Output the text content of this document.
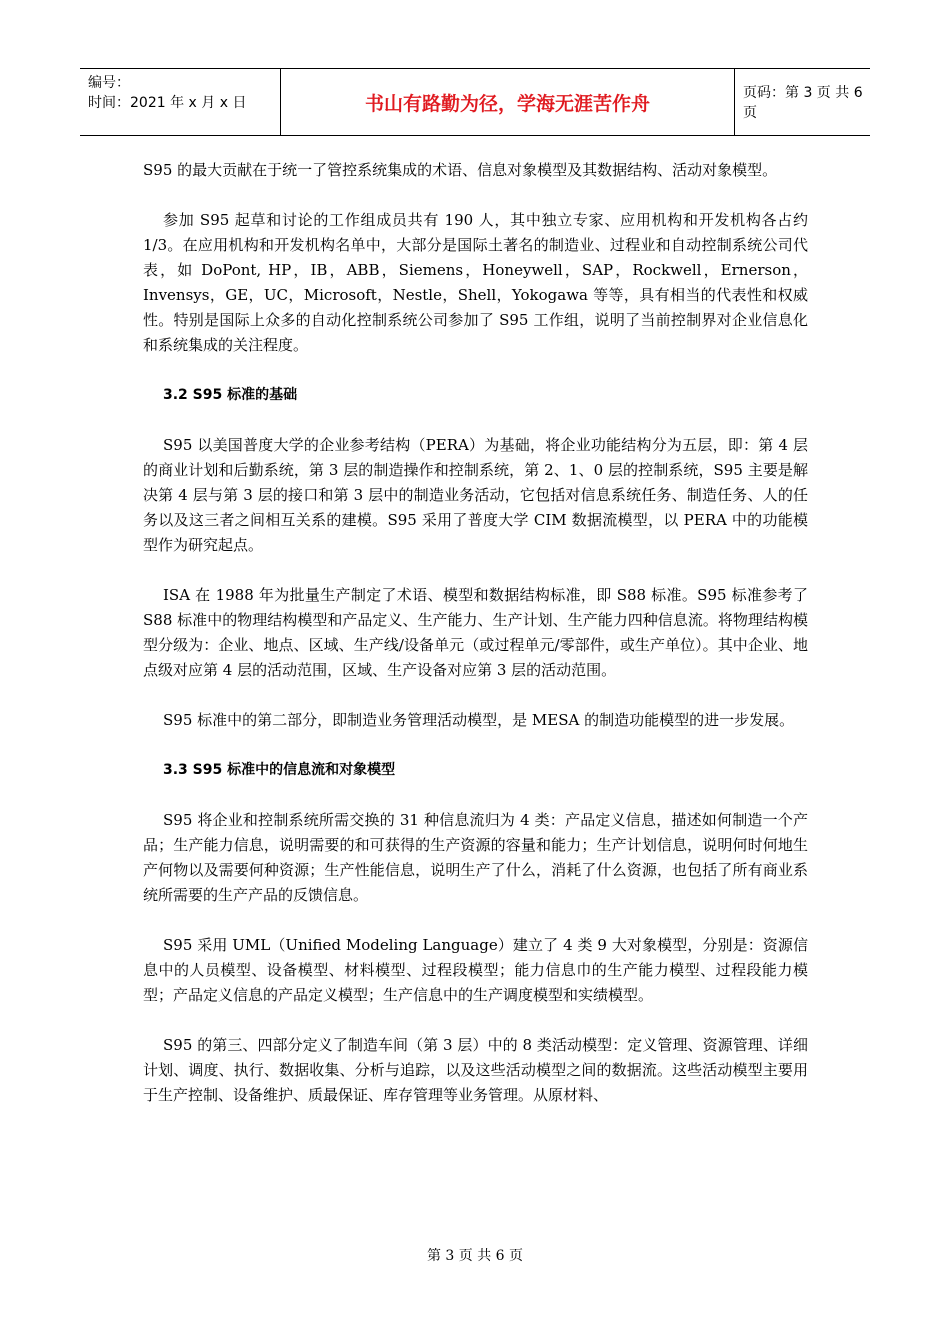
编号：
时间：2021 年 x 月 x 日	书山有路勤为径，学海无涯苦作舟	页码：第 3 页 共 6 页

S95 的最大贡献在于统一了管控系统集成的术语、信息对象模型及其数据结构、活动对象模型。

参加 S95 起草和讨论的工作组成员共有 190 人，其中独立专家、应用机构和开发机构各占约 1/3。在应用机构和开发机构名单中，大部分是国际土著名的制造业、过程业和自动控制系统公司代表，如 DoPont, HP，IB，ABB，Siemens，Honeywell，SAP，Rockwell，Ernerson，Invensys，GE，UC，Microsoft，Nestle，Shell，Yokogawa 等等，具有相当的代表性和权威性。特别是国际上众多的自动化控制系统公司参加了 S95 工作组，说明了当前控制界对企业信息化和系统集成的关注程度。

3.2 S95 标准的基础

S95 以美国普度大学的企业参考结构（PERA）为基础，将企业功能结构分为五层，即：第 4 层的商业计划和后勤系统，第 3 层的制造操作和控制系统，第 2、1、0 层的控制系统，S95 主要是解决第 4 层与第 3 层的接口和第 3 层中的制造业务活动，它包括对信息系统任务、制造任务、人的任务以及这三者之间相互关系的建模。S95 采用了普度大学 CIM 数据流模型，以 PERA 中的功能模型作为研究起点。

ISA 在 1988 年为批量生产制定了术语、模型和数据结构标准，即 S88 标准。S95 标准参考了 S88 标准中的物理结构模型和产品定义、生产能力、生产计划、生产能力四种信息流。将物理结构模型分级为：企业、地点、区域、生产线/设备单元（或过程单元/零部件，或生产单位）。其中企业、地点级对应第 4 层的活动范围，区域、生产设备对应第 3 层的活动范围。

S95 标准中的第二部分，即制造业务管理活动模型，是 MESA 的制造功能模型的进一步发展。

3.3 S95 标准中的信息流和对象模型

S95 将企业和控制系统所需交换的 31 种信息流归为 4 类：产品定义信息，描述如何制造一个产品；生产能力信息，说明需要的和可获得的生产资源的容量和能力；生产计划信息，说明何时何地生产何物以及需要何种资源；生产性能信息，说明生产了什么，消耗了什么资源，也包括了所有商业系统所需要的生产产品的反馈信息。

S95 采用 UML（Unified Modeling Language）建立了 4 类 9 大对象模型，分别是：资源信息中的人员模型、设备模型、材料模型、过程段模型；能力信息巾的生产能力模型、过程段能力模型；产品定义信息的产品定义模型；生产信息中的生产调度模型和实绩模型。

S95 的第三、四部分定义了制造车间（第 3 层）中的 8 类活动模型：定义管理、资源管理、详细计划、调度、执行、数据收集、分析与追踪，以及这些活动模型之间的数据流。这些活动模型主要用于生产控制、设备维护、质最保证、库存管理等业务管理。从原材料、

第 3 页 共 6 页
